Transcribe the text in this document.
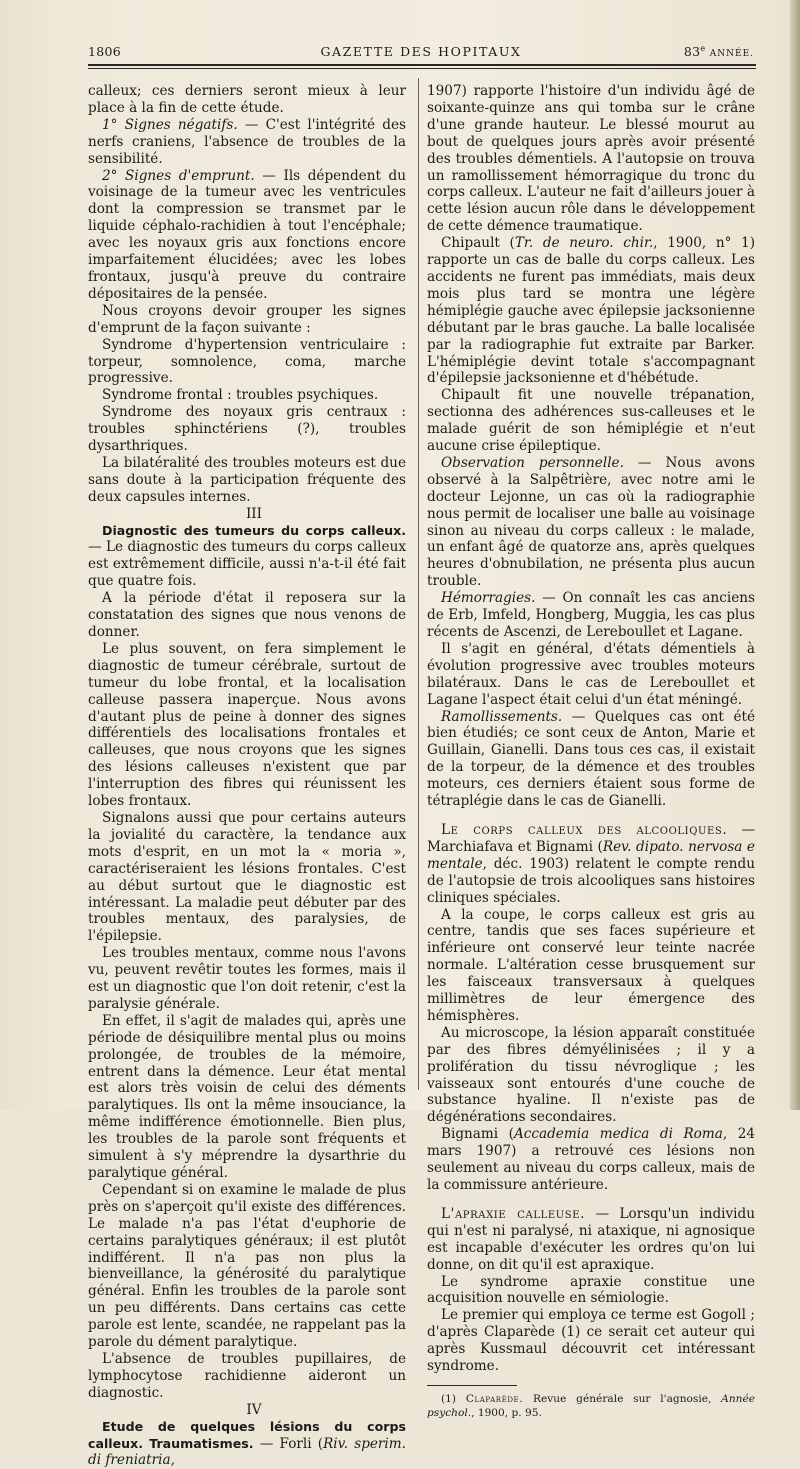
1806	GAZETTE DES HOPITAUX	83e ANNÉE.

calleux; ces derniers seront mieux à leur place à la fin de cette étude.

1° Signes négatifs. — C'est l'intégrité des nerfs craniens, l'absence de troubles de la sensibilité.

2° Signes d'emprunt. — Ils dépendent du voisinage de la tumeur avec les ventricules dont la compression se transmet par le liquide céphalo-rachidien à tout l'encéphale; avec les noyaux gris aux fonctions encore imparfaitement élucidées; avec les lobes frontaux, jusqu'à preuve du contraire dépositaires de la pensée.

Nous croyons devoir grouper les signes d'emprunt de la façon suivante :

Syndrome d'hypertension ventriculaire : torpeur, somnolence, coma, marche progressive.

Syndrome frontal : troubles psychiques.

Syndrome des noyaux gris centraux : troubles sphinctériens (?), troubles dysarthriques.

La bilatéralité des troubles moteurs est due sans doute à la participation fréquente des deux capsules internes.

III

Diagnostic des tumeurs du corps calleux. — Le diagnostic des tumeurs du corps calleux est extrêmement difficile, aussi n'a-t-il été fait que quatre fois.

A la période d'état il reposera sur la constatation des signes que nous venons de donner.

Le plus souvent, on fera simplement le diagnostic de tumeur cérébrale, surtout de tumeur du lobe frontal, et la localisation calleuse passera inaperçue. Nous avons d'autant plus de peine à donner des signes différentiels des localisations frontales et calleuses, que nous croyons que les signes des lésions calleuses n'existent que par l'interruption des fibres qui réunissent les lobes frontaux.

Signalons aussi que pour certains auteurs la jovialité du caractère, la tendance aux mots d'esprit, en un mot la « moria », caractériseraient les lésions frontales. C'est au début surtout que le diagnostic est intéressant. La maladie peut débuter par des troubles mentaux, des paralysies, de l'épilepsie.

Les troubles mentaux, comme nous l'avons vu, peuvent revêtir toutes les formes, mais il est un diagnostic que l'on doit retenir, c'est la paralysie générale.

En effet, il s'agit de malades qui, après une période de désiquilibre mental plus ou moins prolongée, de troubles de la mémoire, entrent dans la démence. Leur état mental est alors très voisin de celui des déments paralytiques. Ils ont la même insouciance, la même indifférence émotionnelle. Bien plus, les troubles de la parole sont fréquents et simulent à s'y méprendre la dysarthrie du paralytique général.

Cependant si on examine le malade de plus près on s'aperçoit qu'il existe des différences. Le malade n'a pas l'état d'euphorie de certains paralytiques généraux; il est plutôt indifférent. Il n'a pas non plus la bienveillance, la générosité du paralytique général. Enfin les troubles de la parole sont un peu différents. Dans certains cas cette parole est lente, scandée, ne rappelant pas la parole du dément paralytique.

L'absence de troubles pupillaires, de lymphocytose rachidienne aideront un diagnostic.

IV

Etude de quelques lésions du corps calleux. Traumatismes. — Forli (Riv. sperim. di freniatria,

1907) rapporte l'histoire d'un individu âgé de soixante-quinze ans qui tomba sur le crâne d'une grande hauteur. Le blessé mourut au bout de quelques jours après avoir présenté des troubles démentiels. A l'autopsie on trouva un ramollissement hémorragique du tronc du corps calleux. L'auteur ne fait d'ailleurs jouer à cette lésion aucun rôle dans le développement de cette démence traumatique.

Chipault (Tr. de neuro. chir., 1900, n° 1) rapporte un cas de balle du corps calleux. Les accidents ne furent pas immédiats, mais deux mois plus tard se montra une légère hémiplégie gauche avec épilepsie jacksonienne débutant par le bras gauche. La balle localisée par la radiographie fut extraite par Barker. L'hémiplégie devint totale s'accompagnant d'épilepsie jacksonienne et d'hébétude.

Chipault fit une nouvelle trépanation, sectionna des adhérences sus-calleuses et le malade guérit de son hémiplégie et n'eut aucune crise épileptique.

Observation personnelle. — Nous avons observé à la Salpêtrière, avec notre ami le docteur Lejonne, un cas où la radiographie nous permit de localiser une balle au voisinage sinon au niveau du corps calleux : le malade, un enfant âgé de quatorze ans, après quelques heures d'obnubilation, ne présenta plus aucun trouble.

Hémorragies. — On connaît les cas anciens de Erb, Imfeld, Hongberg, Muggia, les cas plus récents de Ascenzi, de Lereboullet et Lagane.

Il s'agit en général, d'états démentiels à évolution progressive avec troubles moteurs bilatéraux. Dans le cas de Lereboullet et Lagane l'aspect était celui d'un état méningé.

Ramollissements. — Quelques cas ont été bien étudiés; ce sont ceux de Anton, Marie et Guillain, Gianelli. Dans tous ces cas, il existait de la torpeur, de la démence et des troubles moteurs, ces derniers étaient sous forme de tétraplégie dans le cas de Gianelli.

Le corps calleux des alcooliques. — Marchiafava et Bignami (Rev. dipato. nervosa e mentale, déc. 1903) relatent le compte rendu de l'autopsie de trois alcooliques sans histoires cliniques spéciales.

A la coupe, le corps calleux est gris au centre, tandis que ses faces supérieure et inférieure ont conservé leur teinte nacrée normale. L'altération cesse brusquement sur les faisceaux transversaux à quelques millimètres de leur émergence des hémisphères.

Au microscope, la lésion apparaît constituée par des fibres démyélinisées ; il y a prolifération du tissu névroglique ; les vaisseaux sont entourés d'une couche de substance hyaline. Il n'existe pas de dégénérations secondaires.

Bignami (Accademia medica di Roma, 24 mars 1907) a retrouvé ces lésions non seulement au niveau du corps calleux, mais de la commissure antérieure.

L'apraxie calleuse. — Lorsqu'un individu qui n'est ni paralysé, ni ataxique, ni agnosique est incapable d'exécuter les ordres qu'on lui donne, on dit qu'il est apraxique.

Le syndrome apraxie constitue une acquisition nouvelle en sémiologie.

Le premier qui employa ce terme est Gogoll ; d'après Claparède (1) ce serait cet auteur qui après Kussmaul découvrit cet intéressant syndrome.

(1) Claparède. Revue générale sur l'agnosie, Année psychol., 1900, p. 95.
